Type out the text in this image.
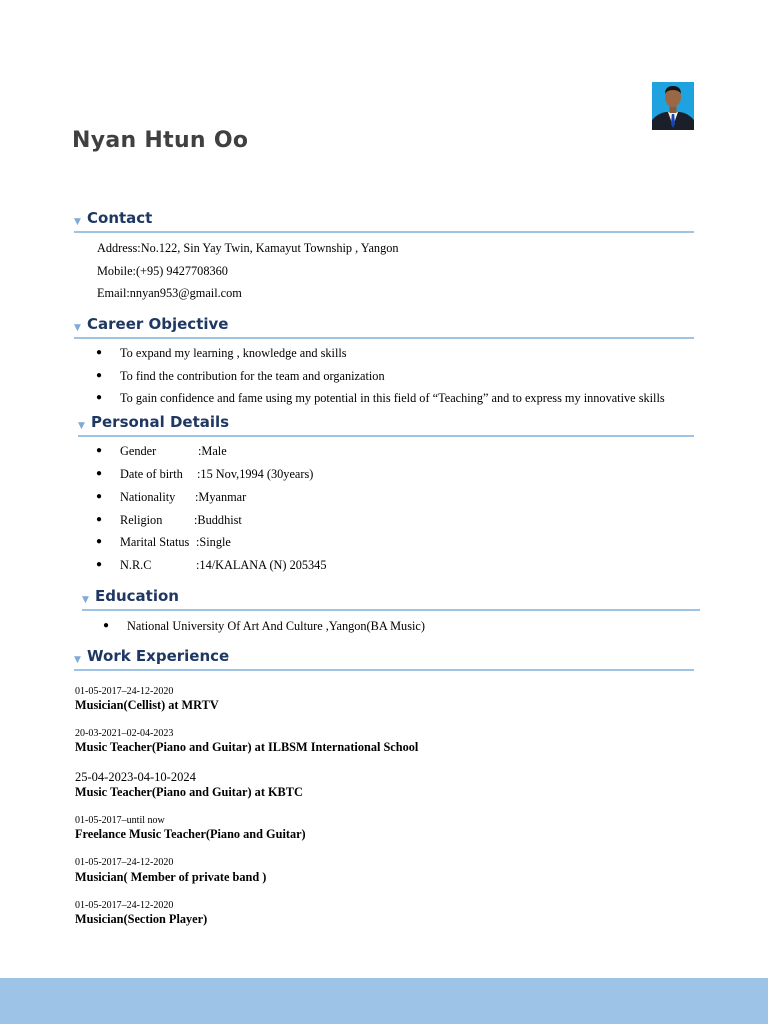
Nyan Htun Oo
▼ Contact
Address:No.122, Sin Yay Twin, Kamayut Township , Yangon
Mobile:(+95) 9427708360
Email:nnyan953@gmail.com
▼ Career Objective
● To expand my learning , knowledge and skills
● To find the contribution for the team and organization
● To gain confidence and fame using my potential in this field of “Teaching” and to express my innovative skills
▼ Personal Details
● Gender	:Male
● Date of birth :15 Nov,1994 (30years)
● Nationality :Myanmar
● Religion	:Buddhist
● Marital Status :Single
● N.R.C	:14/KALANA (N) 205345
▼ Education
● National University Of Art And Culture ,Yangon(BA Music)
▼ Work Experience
01-05-2017–24-12-2020
Musician(Cellist) at MRTV
20-03-2021–02-04-2023
Music Teacher(Piano and Guitar) at ILBSM International School
25-04-2023-04-10-2024
Music Teacher(Piano and Guitar) at KBTC
01-05-2017–until now
Freelance Music Teacher(Piano and Guitar)
01-05-2017–24-12-2020
Musician( Member of private band )
01-05-2017–24-12-2020
Musician(Section Player)
